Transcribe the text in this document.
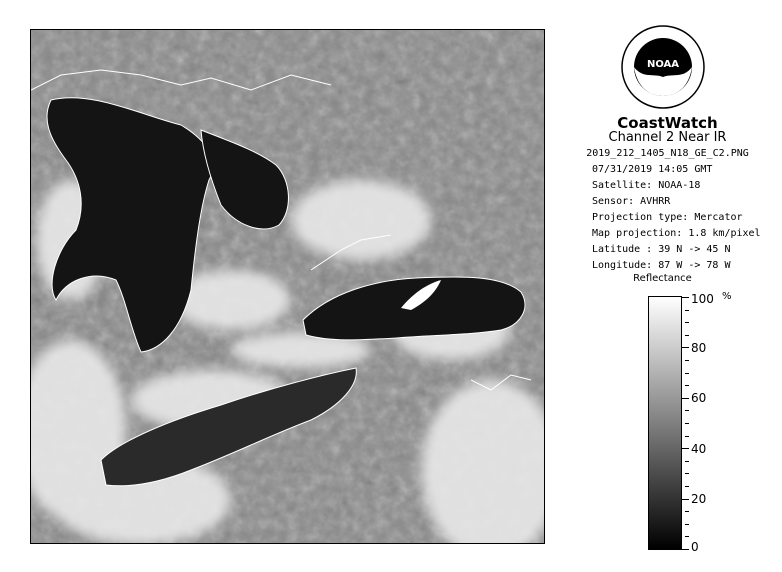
NOAA
CoastWatch
Channel 2 Near IR
2019_212_1405_N18_GE_C2.PNG
07/31/2019 14:05 GMT
Satellite: NOAA-18
Sensor: AVHRR
Projection type: Mercator
Map projection: 1.8 km/pixel
Latitude : 39 N -> 45 N
Longitude: 87 W -> 78 W
Reflectance
%
100
80
60
40
20
0
